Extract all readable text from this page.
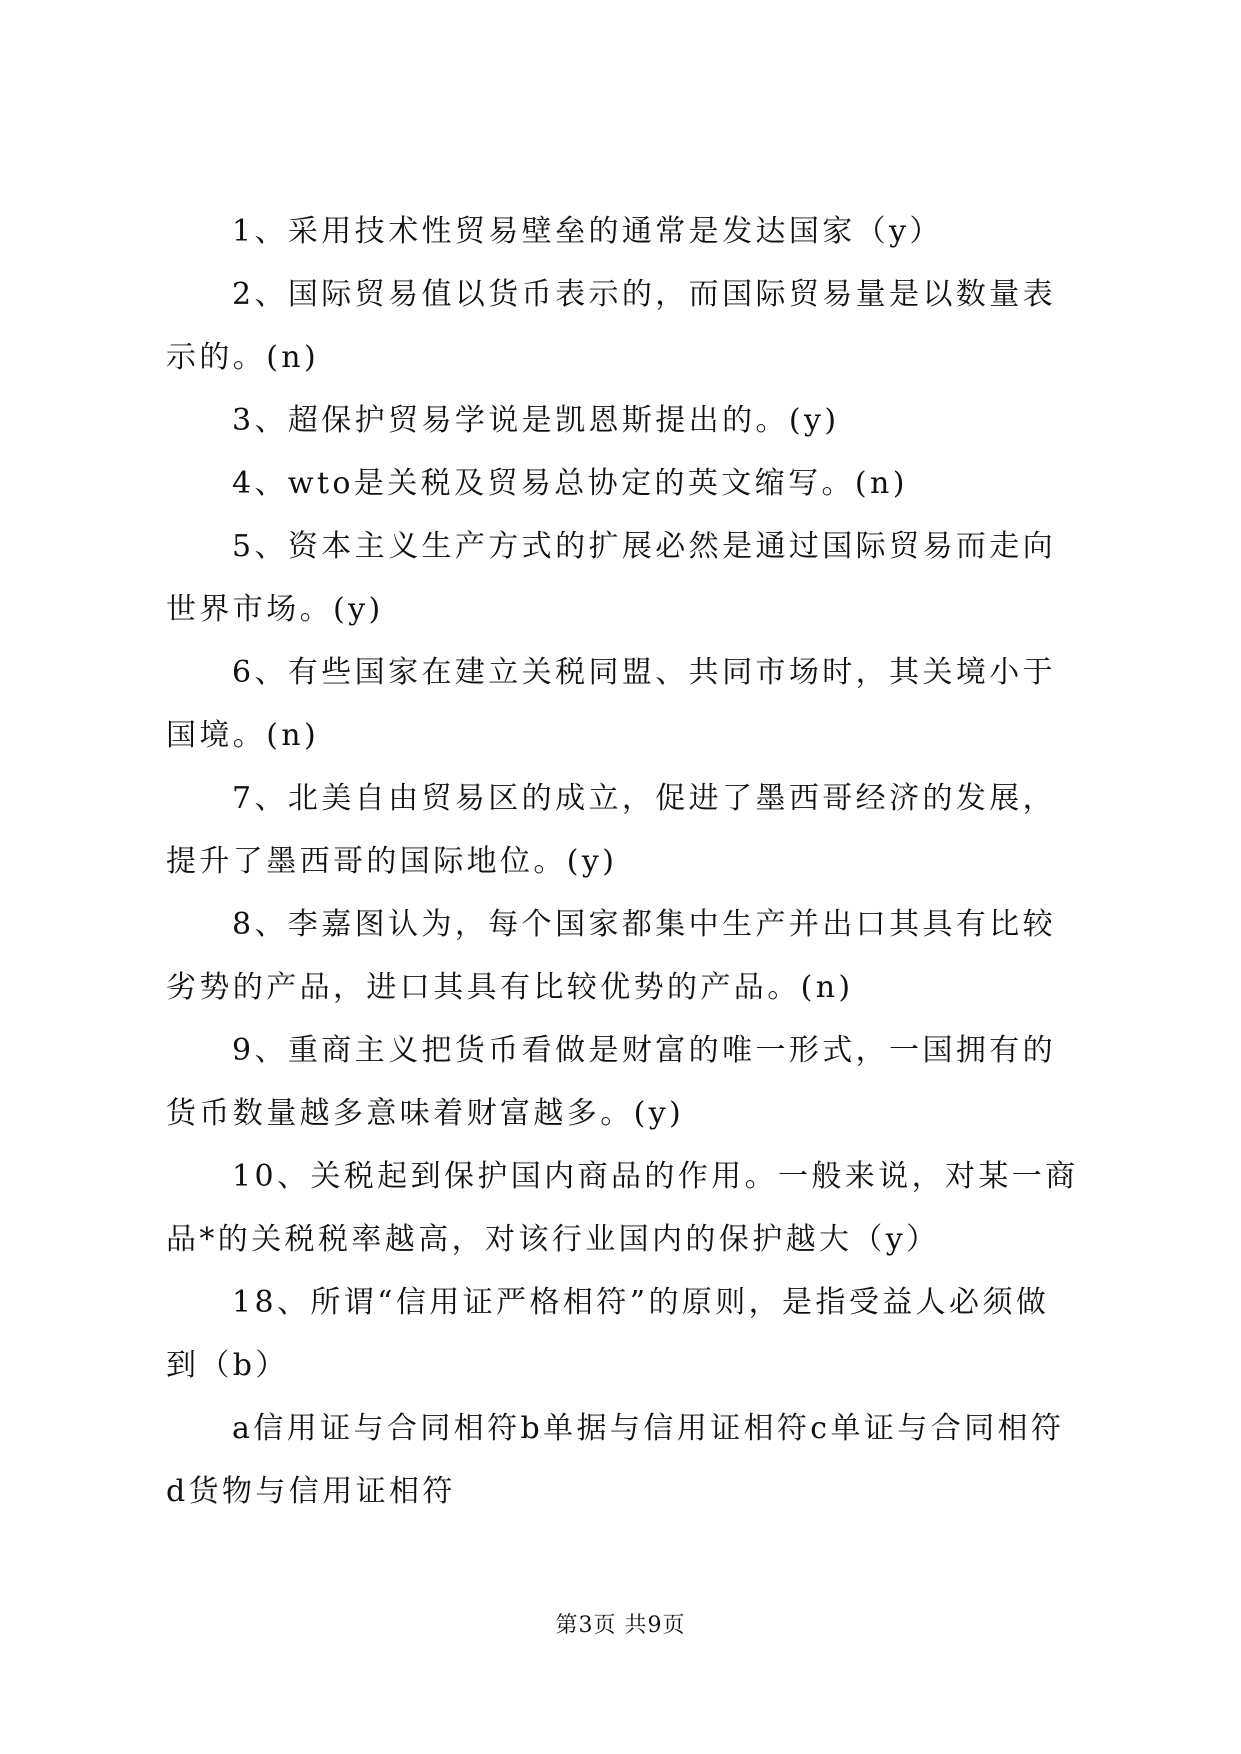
1、采用技术性贸易壁垒的通常是发达国家（y）

2、国际贸易值以货币表示的，而国际贸易量是以数量表示的。(n)

3、超保护贸易学说是凯恩斯提出的。(y)

4、wto是关税及贸易总协定的英文缩写。(n)

5、资本主义生产方式的扩展必然是通过国际贸易而走向世界市场。(y)

6、有些国家在建立关税同盟、共同市场时，其关境小于国境。(n)

7、北美自由贸易区的成立，促进了墨西哥经济的发展，提升了墨西哥的国际地位。(y)

8、李嘉图认为，每个国家都集中生产并出口其具有比较劣势的产品，进口其具有比较优势的产品。(n)

9、重商主义把货币看做是财富的唯一形式，一国拥有的货币数量越多意味着财富越多。(y)

10、关税起到保护国内商品的作用。一般来说，对某一商品*的关税税率越高，对该行业国内的保护越大（y）

18、所谓“信用证严格相符”的原则，是指受益人必须做到（b）

a信用证与合同相符b单据与信用证相符c单证与合同相符d货物与信用证相符

第3页 共9页
